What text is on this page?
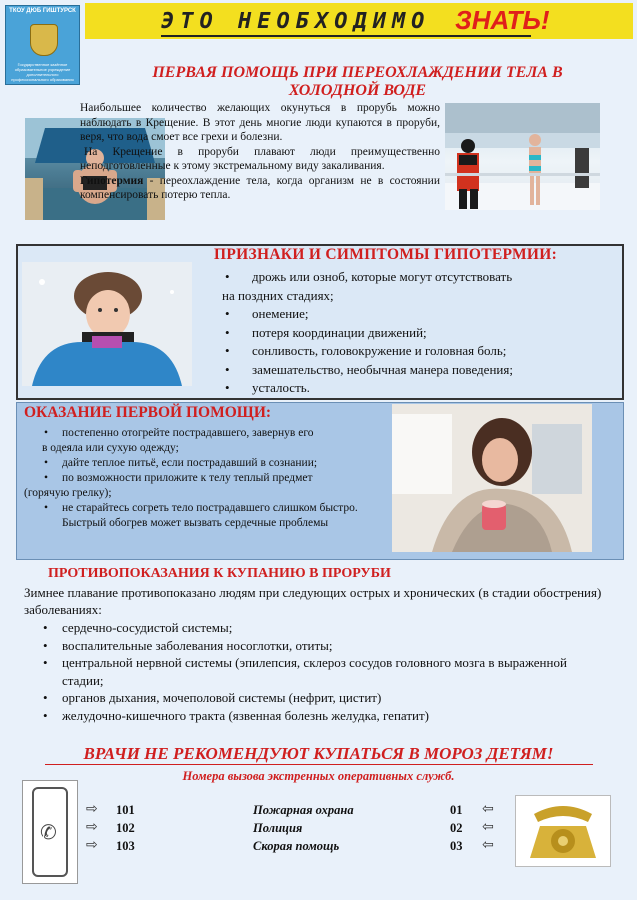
ТКОУ ДЮБ ГИШТУРСК
Государственное казённое образовательное учреждение дополнительного профессионального образования
ЭТО НЕОБХОДИМО ЗНАТЬ!
ПЕРВАЯ ПОМОЩЬ ПРИ ПЕРЕОХЛАЖДЕНИИ ТЕЛА В ХОЛОДНОЙ ВОДЕ

Наибольшее количество желающих окунуться в прорубь можно наблюдать в Крещение. В этот день многие люди купаются в проруби, веря, что вода смоет все грехи и болезни.

На Крещение в проруби плавают люди преимущественно неподготовленные к этому экстремальному виду закаливания.

Гипотермия - переохлаждение тела, когда организм не в состоянии компенсировать потерю тепла.

ПРИЗНАКИ И СИМПТОМЫ ГИПОТЕРМИИ:
• дрожь или озноб, которые могут отсутствовать
на поздних стадиях;
• онемение;
• потеря координации движений;
• сонливость, головокружение и головная боль;
• замешательство, необычная манера поведения;
• усталость.
ОКАЗАНИЕ ПЕРВОЙ ПОМОЩИ:
• постепенно отогрейте пострадавшего, завернув его
в одеяла или сухую одежду;
• дайте теплое питьё, если пострадавший в сознании;
• по возможности приложите к телу теплый предмет
(горячую грелку);
• не старайтесь согреть тело пострадавшего слишком быстро. Быстрый обогрев может вызвать сердечные проблемы
ПРОТИВОПОКАЗАНИЯ К КУПАНИЮ В ПРОРУБИ
Зимнее плавание противопоказано людям при следующих острых и хронических (в стадии обострения) заболеваниях:
• сердечно-сосудистой системы;
• воспалительные заболевания носоглотки, отиты;
• центральной нервной системы (эпилепсия, склероз сосудов головного мозга в выраженной стадии;
• органов дыхания, мочеполовой системы (нефрит, цистит)
• желудочно-кишечного тракта (язвенная болезнь желудка, гепатит)
ВРАЧИ НЕ РЕКОМЕНДУЮТ КУПАТЬСЯ В МОРОЗ ДЕТЯМ!
Номера вызова экстренных оперативных служб.
✆
⇨
⇨
⇨
101
102
103
Пожарная охрана
Полиция
Скорая помощь
01
02
03
⇦
⇦
⇦
